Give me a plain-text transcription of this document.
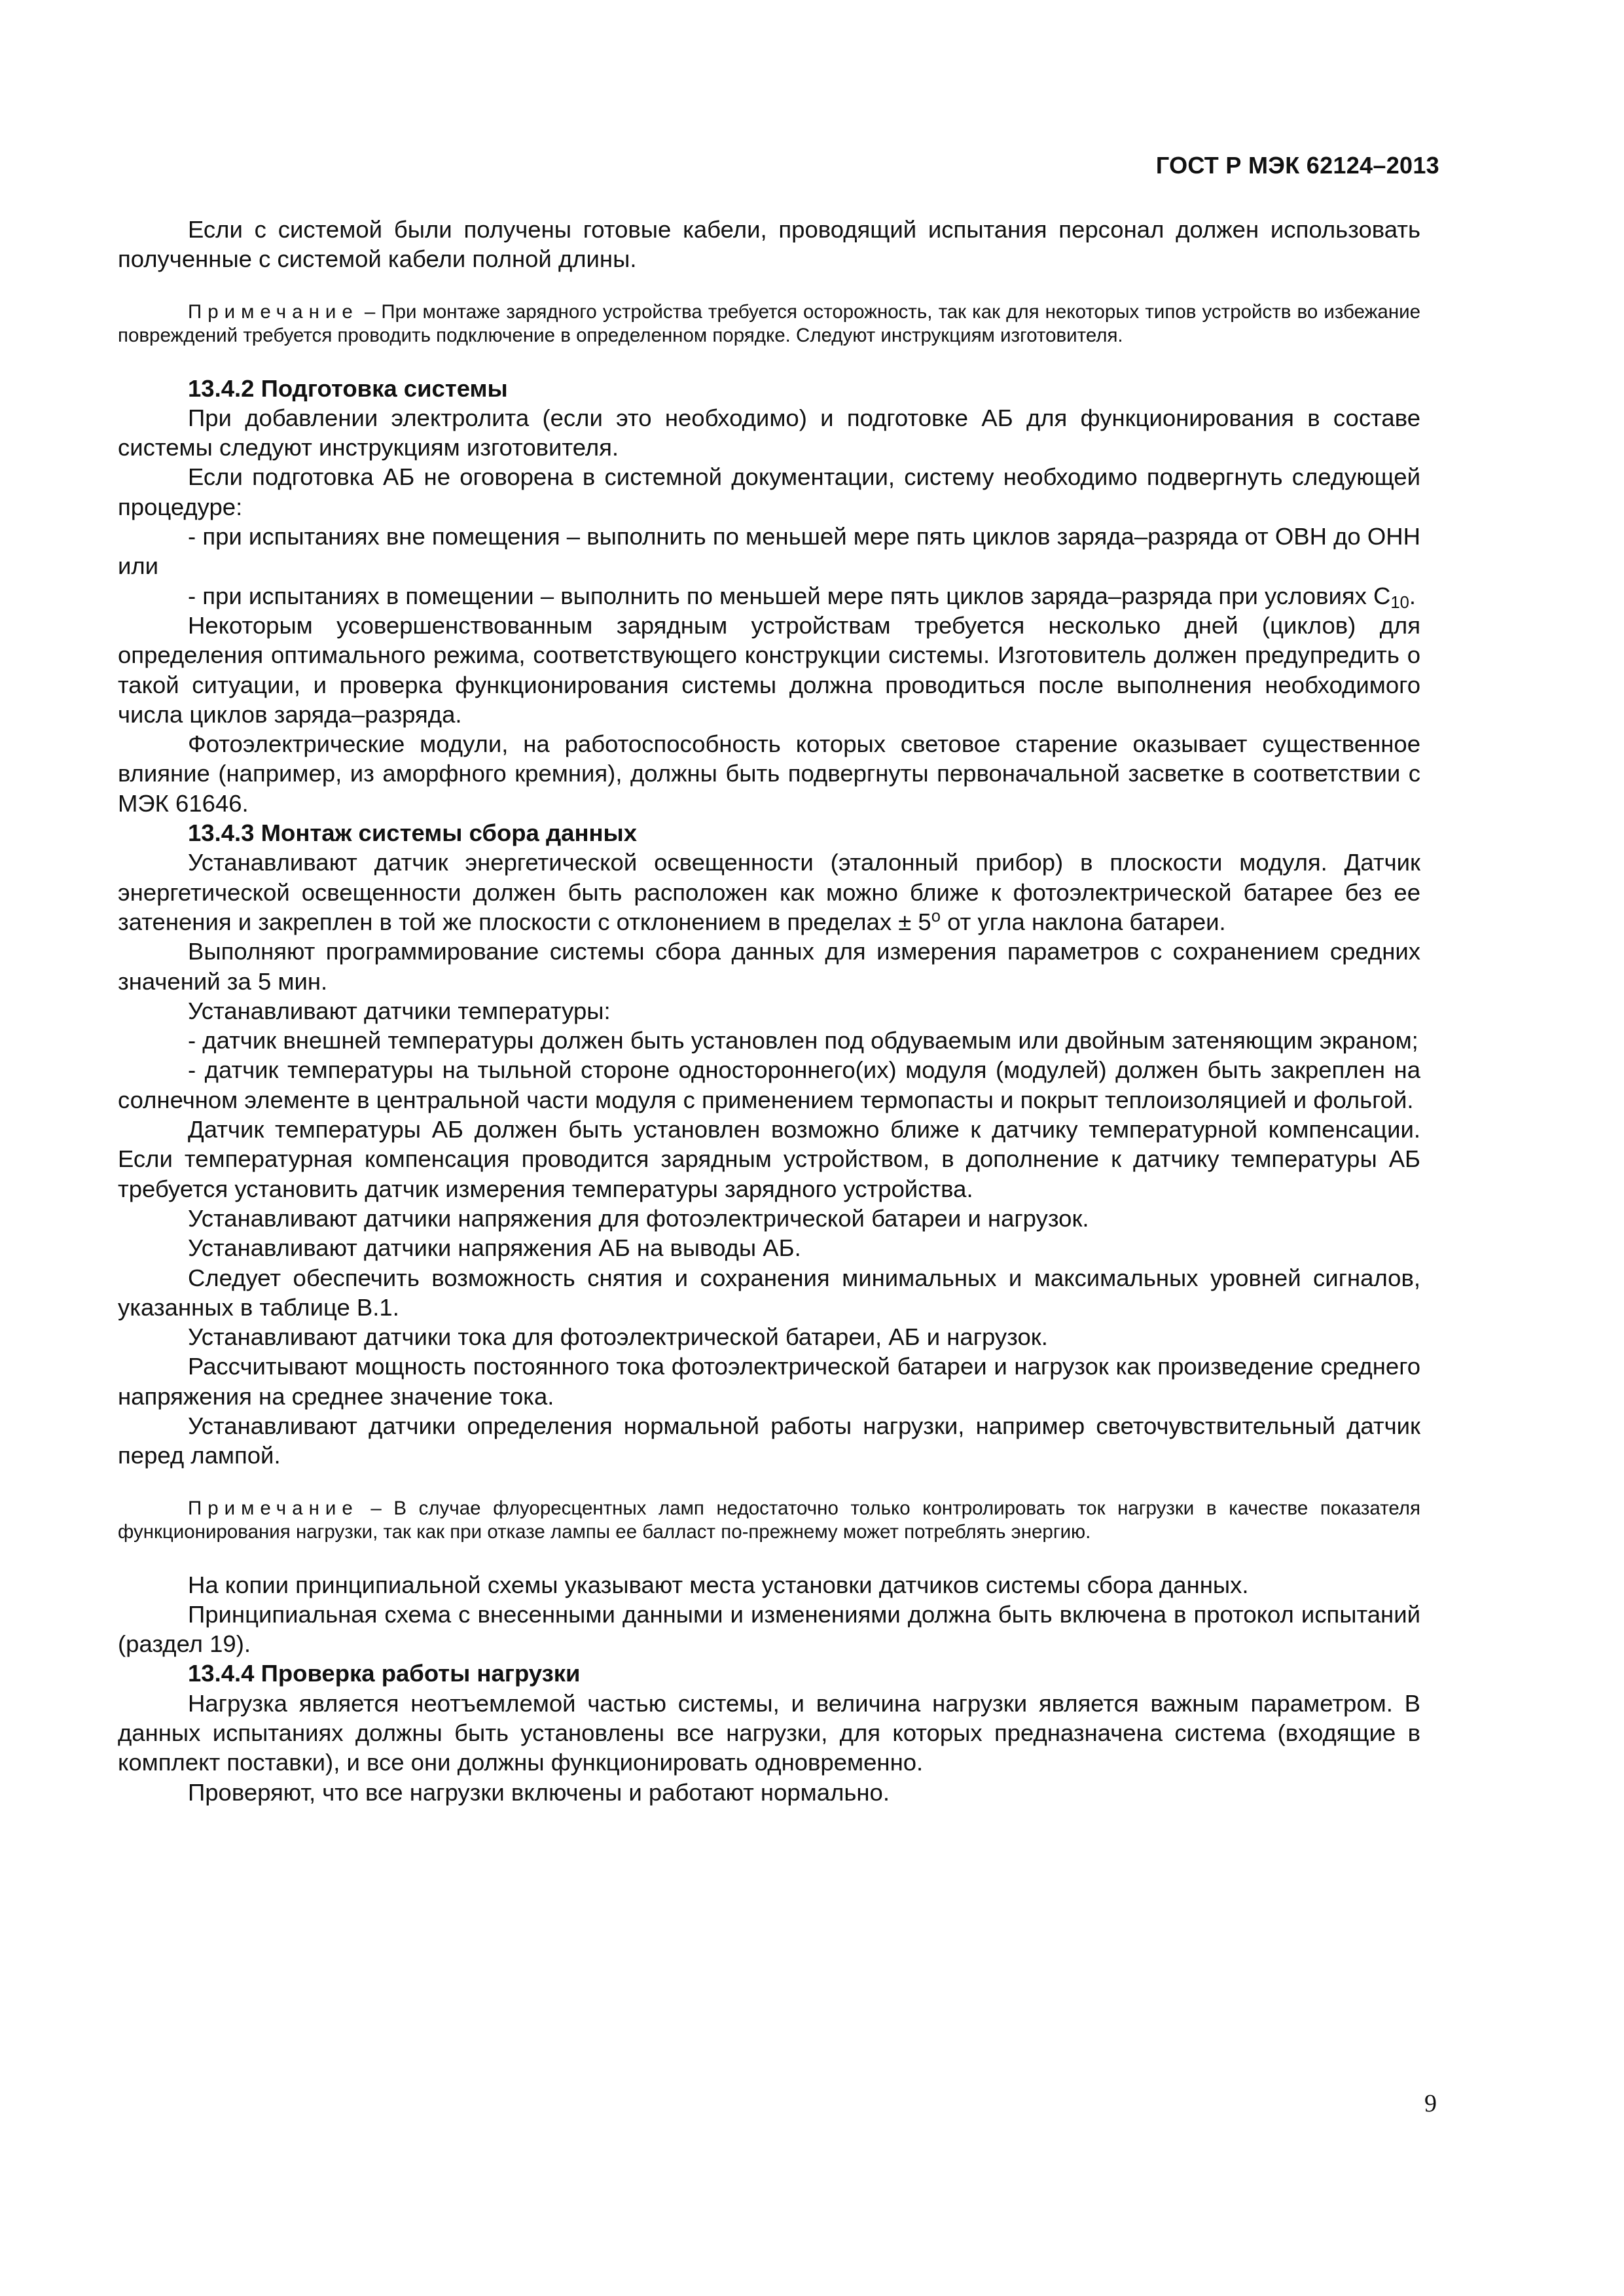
ГОСТ Р МЭК 62124–2013

Если с системой были получены готовые кабели, проводящий испытания персонал должен использовать полученные с системой кабели полной длины.

Примечание – При монтаже зарядного устройства требуется осторожность, так как для некоторых типов устройств во избежание повреждений требуется проводить подключение в определенном порядке. Следуют инструкциям изготовителя.

13.4.2 Подготовка системы

При добавлении электролита (если это необходимо) и подготовке АБ для функционирования в составе системы следуют инструкциям изготовителя.

Если подготовка АБ не оговорена в системной документации, систему необходимо подвергнуть следующей процедуре:

- при испытаниях вне помещения – выполнить по меньшей мере пять циклов заряда–разряда от ОВН до ОНН или

- при испытаниях в помещении – выполнить по меньшей мере пять циклов заряда–разряда при условиях $С_{10}$.

Некоторым усовершенствованным зарядным устройствам требуется несколько дней (циклов) для определения оптимального режима, соответствующего конструкции системы. Изготовитель должен предупредить о такой ситуации, и проверка функционирования системы должна проводиться после выполнения необходимого числа циклов заряда–разряда.

Фотоэлектрические модули, на работоспособность которых световое старение оказывает существенное влияние (например, из аморфного кремния), должны быть подвергнуты первоначальной засветке в соответствии с МЭК 61646.

13.4.3 Монтаж системы сбора данных

Устанавливают датчик энергетической освещенности (эталонный прибор) в плоскости модуля. Датчик энергетической освещенности должен быть расположен как можно ближе к фотоэлектрической батарее без ее затенения и закреплен в той же плоскости с отклонением в пределах ± $5^о$ от угла наклона батареи.

Выполняют программирование системы сбора данных для измерения параметров с сохранением средних значений за 5 мин.

Устанавливают датчики температуры:

- датчик внешней температуры должен быть установлен под обдуваемым или двойным затеняющим экраном;

- датчик температуры на тыльной стороне одностороннего(их) модуля (модулей) должен быть закреплен на солнечном элементе в центральной части модуля с применением термопасты и покрыт теплоизоляцией и фольгой.

Датчик температуры АБ должен быть установлен возможно ближе к датчику температурной компенсации. Если температурная компенсация проводится зарядным устройством, в дополнение к датчику температуры АБ требуется установить датчик измерения температуры зарядного устройства.

Устанавливают датчики напряжения для фотоэлектрической батареи и нагрузок.

Устанавливают датчики напряжения АБ на выводы АБ.

Следует обеспечить возможность снятия и сохранения минимальных и максимальных уровней сигналов, указанных в таблице В.1.

Устанавливают датчики тока для фотоэлектрической батареи, АБ и нагрузок.

Рассчитывают мощность постоянного тока фотоэлектрической батареи и нагрузок как произведение среднего напряжения на среднее значение тока.

Устанавливают датчики определения нормальной работы нагрузки, например светочувствительный датчик перед лампой.

Примечание – В случае флуоресцентных ламп недостаточно только контролировать ток нагрузки в качестве показателя функционирования нагрузки, так как при отказе лампы ее балласт по-прежнему может потреблять энергию.

На копии принципиальной схемы указывают места установки датчиков системы сбора данных.

Принципиальная схема с внесенными данными и изменениями должна быть включена в протокол испытаний (раздел 19).

13.4.4 Проверка работы нагрузки

Нагрузка является неотъемлемой частью системы, и величина нагрузки является важным параметром. В данных испытаниях должны быть установлены все нагрузки, для которых предназначена система (входящие в комплект поставки), и все они должны функционировать одновременно.

Проверяют, что все нагрузки включены и работают нормально.

9
